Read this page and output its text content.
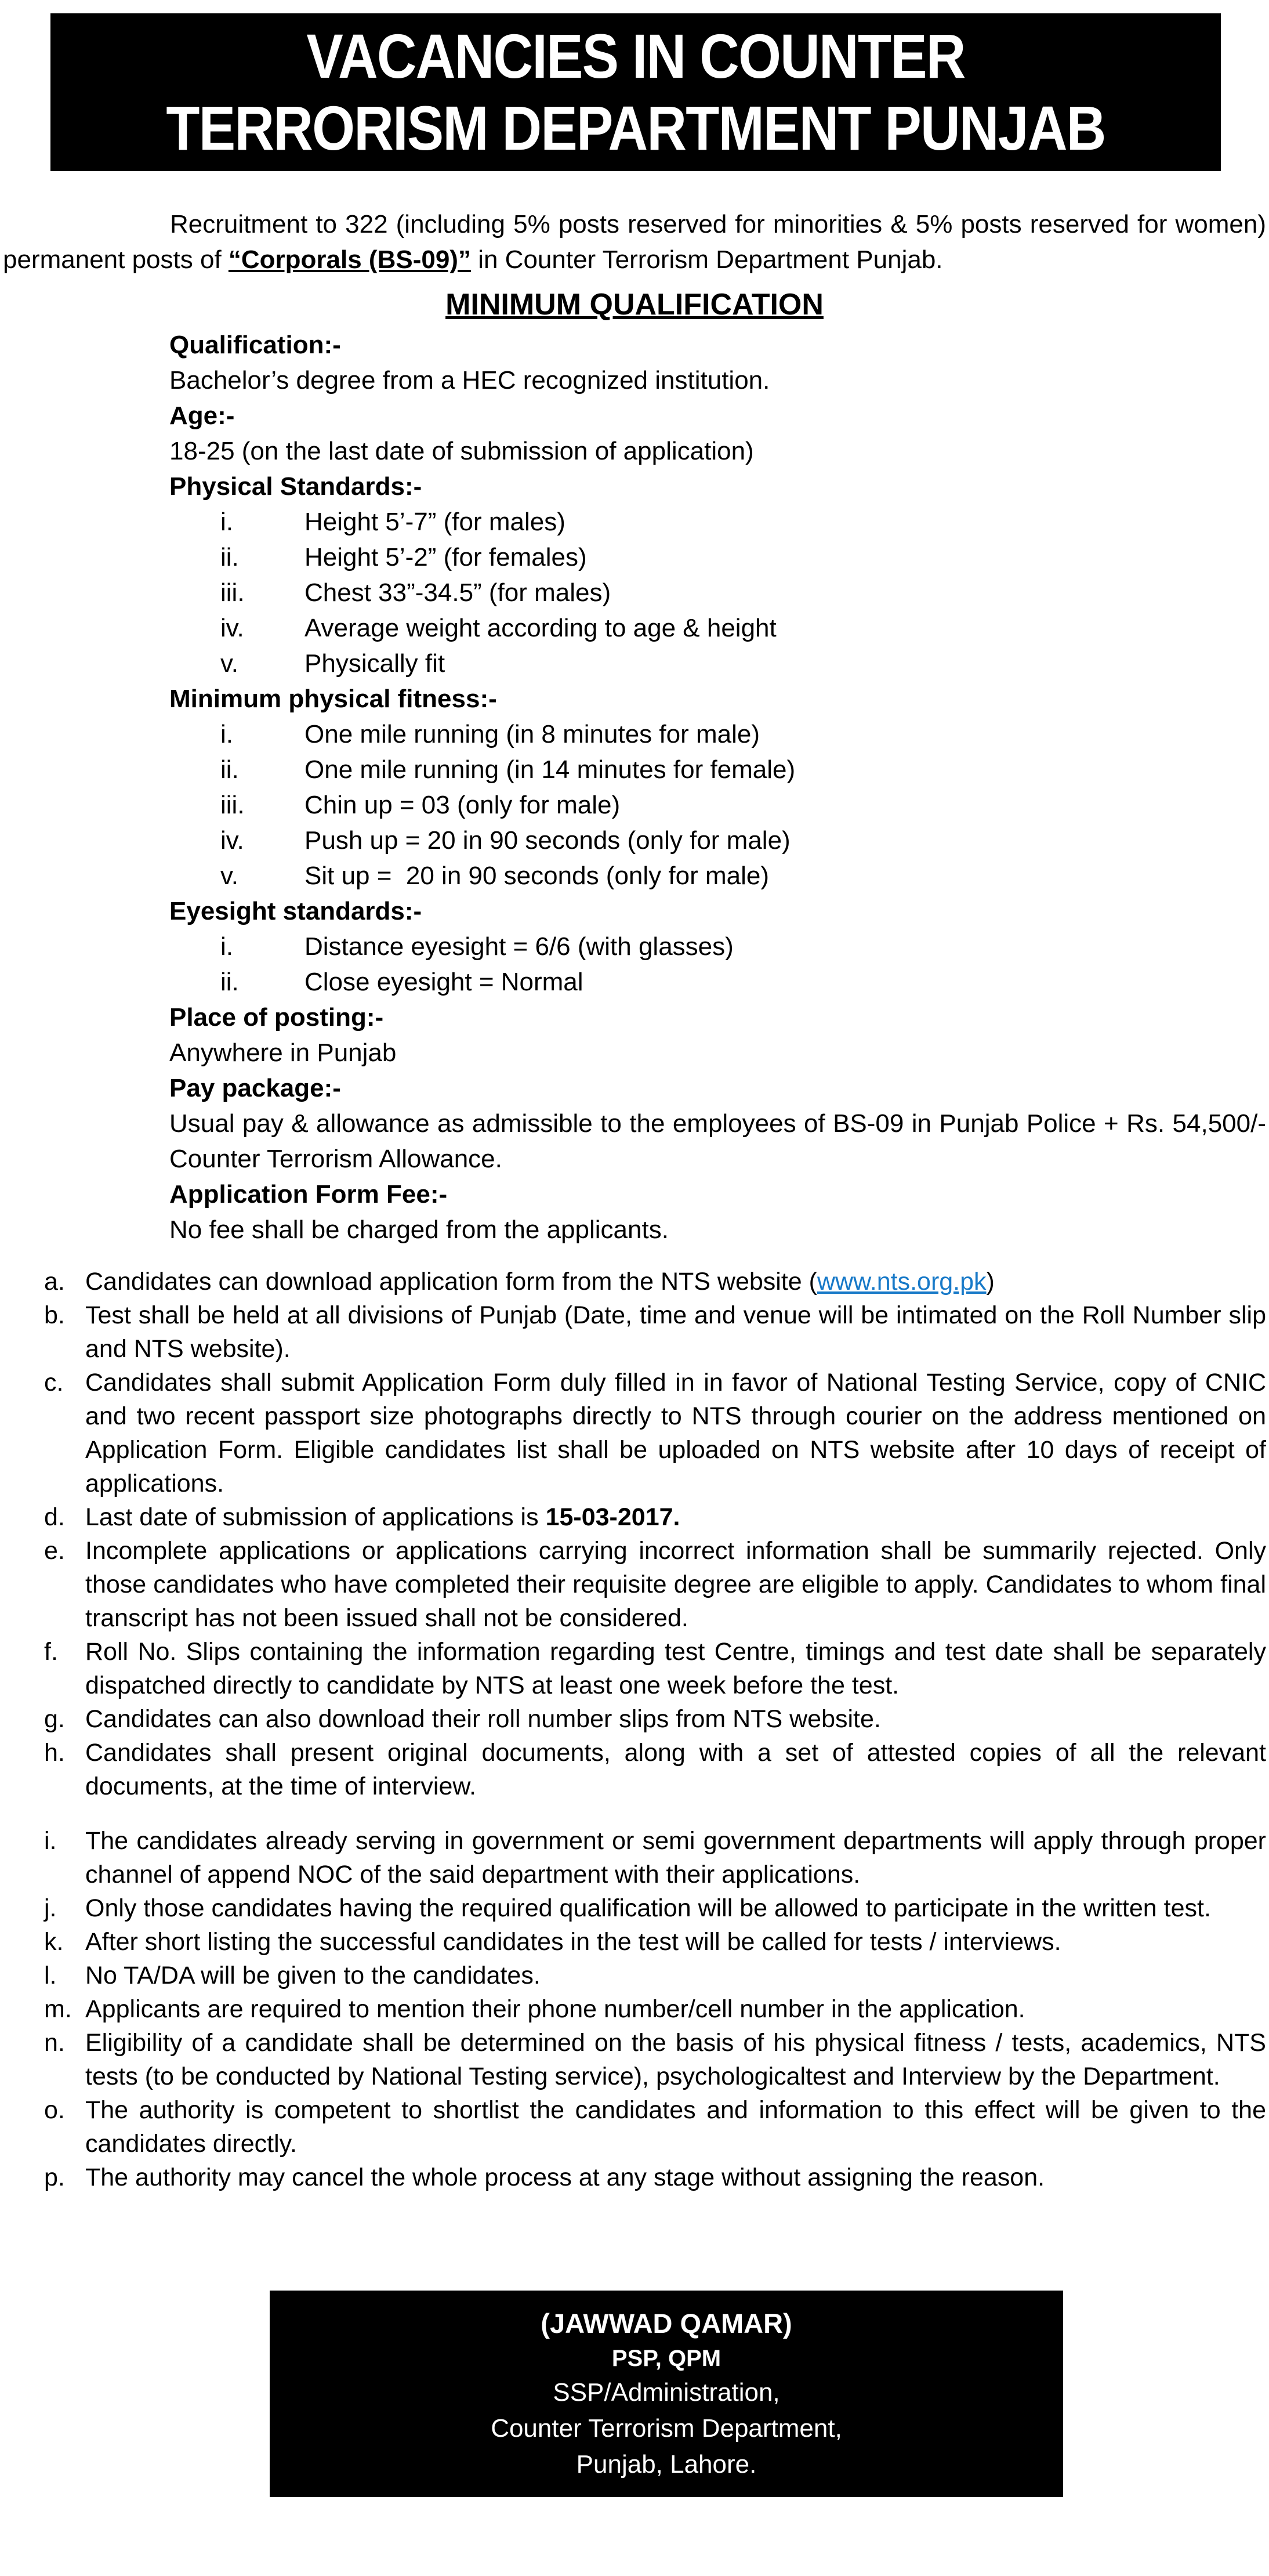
VACANCIES IN COUNTER
TERRORISM DEPARTMENT PUNJAB

Recruitment to 322 (including 5% posts reserved for minorities & 5% posts reserved for women) permanent posts of “Corporals (BS-09)” in Counter Terrorism Department Punjab.

MINIMUM QUALIFICATION
Qualification:-
Bachelor’s degree from a HEC recognized institution.
Age:-
18-25 (on the last date of submission of application)
Physical Standards:-
i.	Height 5’-7” (for males)
ii.	Height 5’-2” (for females)
iii.	Chest 33”-34.5” (for males)
iv.	Average weight according to age & height
v.	Physically fit
Minimum physical fitness:-
i.	One mile running (in 8 minutes for male)
ii.	One mile running (in 14 minutes for female)
iii.	Chin up = 03 (only for male)
iv.	Push up = 20 in 90 seconds (only for male)
v.	Sit up =  20 in 90 seconds (only for male)
Eyesight standards:-
i.	Distance eyesight = 6/6 (with glasses)
ii.	Close eyesight = Normal
Place of posting:-
Anywhere in Punjab
Pay package:-
Usual pay & allowance as admissible to the employees of BS-09 in Punjab Police + Rs. 54,500/- Counter Terrorism Allowance.
Application Form Fee:-
No fee shall be charged from the applicants.
a. Candidates can download application form from the NTS website (www.nts.org.pk)
b. Test shall be held at all divisions of Punjab (Date, time and venue will be intimated on the Roll Number slip and NTS website).
c. Candidates shall submit Application Form duly filled in in favor of National Testing Service, copy of CNIC and two recent passport size photographs directly to NTS through courier on the address mentioned on Application Form. Eligible candidates list shall be uploaded on NTS website after 10 days of receipt of applications.
d. Last date of submission of applications is 15-03-2017.
e. Incomplete applications or applications carrying incorrect information shall be summarily rejected. Only those candidates who have completed their requisite degree are eligible to apply. Candidates to whom final transcript has not been issued shall not be considered.
f.	Roll No. Slips containing the information regarding test Centre, timings and test date shall be separately dispatched directly to candidate by NTS at least one week before the test.
g. Candidates can also download their roll number slips from NTS website.
h. Candidates shall present original documents, along with a set of attested copies of all the relevant documents, at the time of interview.
i.	The candidates already serving in government or semi government departments will apply through proper channel of append NOC of the said department with their applications.
j.	Only those candidates having the required qualification will be allowed to participate in the written test.
k. After short listing the successful candidates in the test will be called for tests / interviews.
l.	No TA/DA will be given to the candidates.
m. Applicants are required to mention their phone number/cell number in the application.
n. Eligibility of a candidate shall be determined on the basis of his physical fitness / tests, academics, NTS tests (to be conducted by National Testing service), psychologicaltest and Interview by the Department.
o. The authority is competent to shortlist the candidates and information to this effect will be given to the candidates directly.
p. The authority may cancel the whole process at any stage without assigning the reason.
(JAWWAD QAMAR)
PSP, QPM
SSP/Administration,
Counter Terrorism Department,
Punjab, Lahore.
